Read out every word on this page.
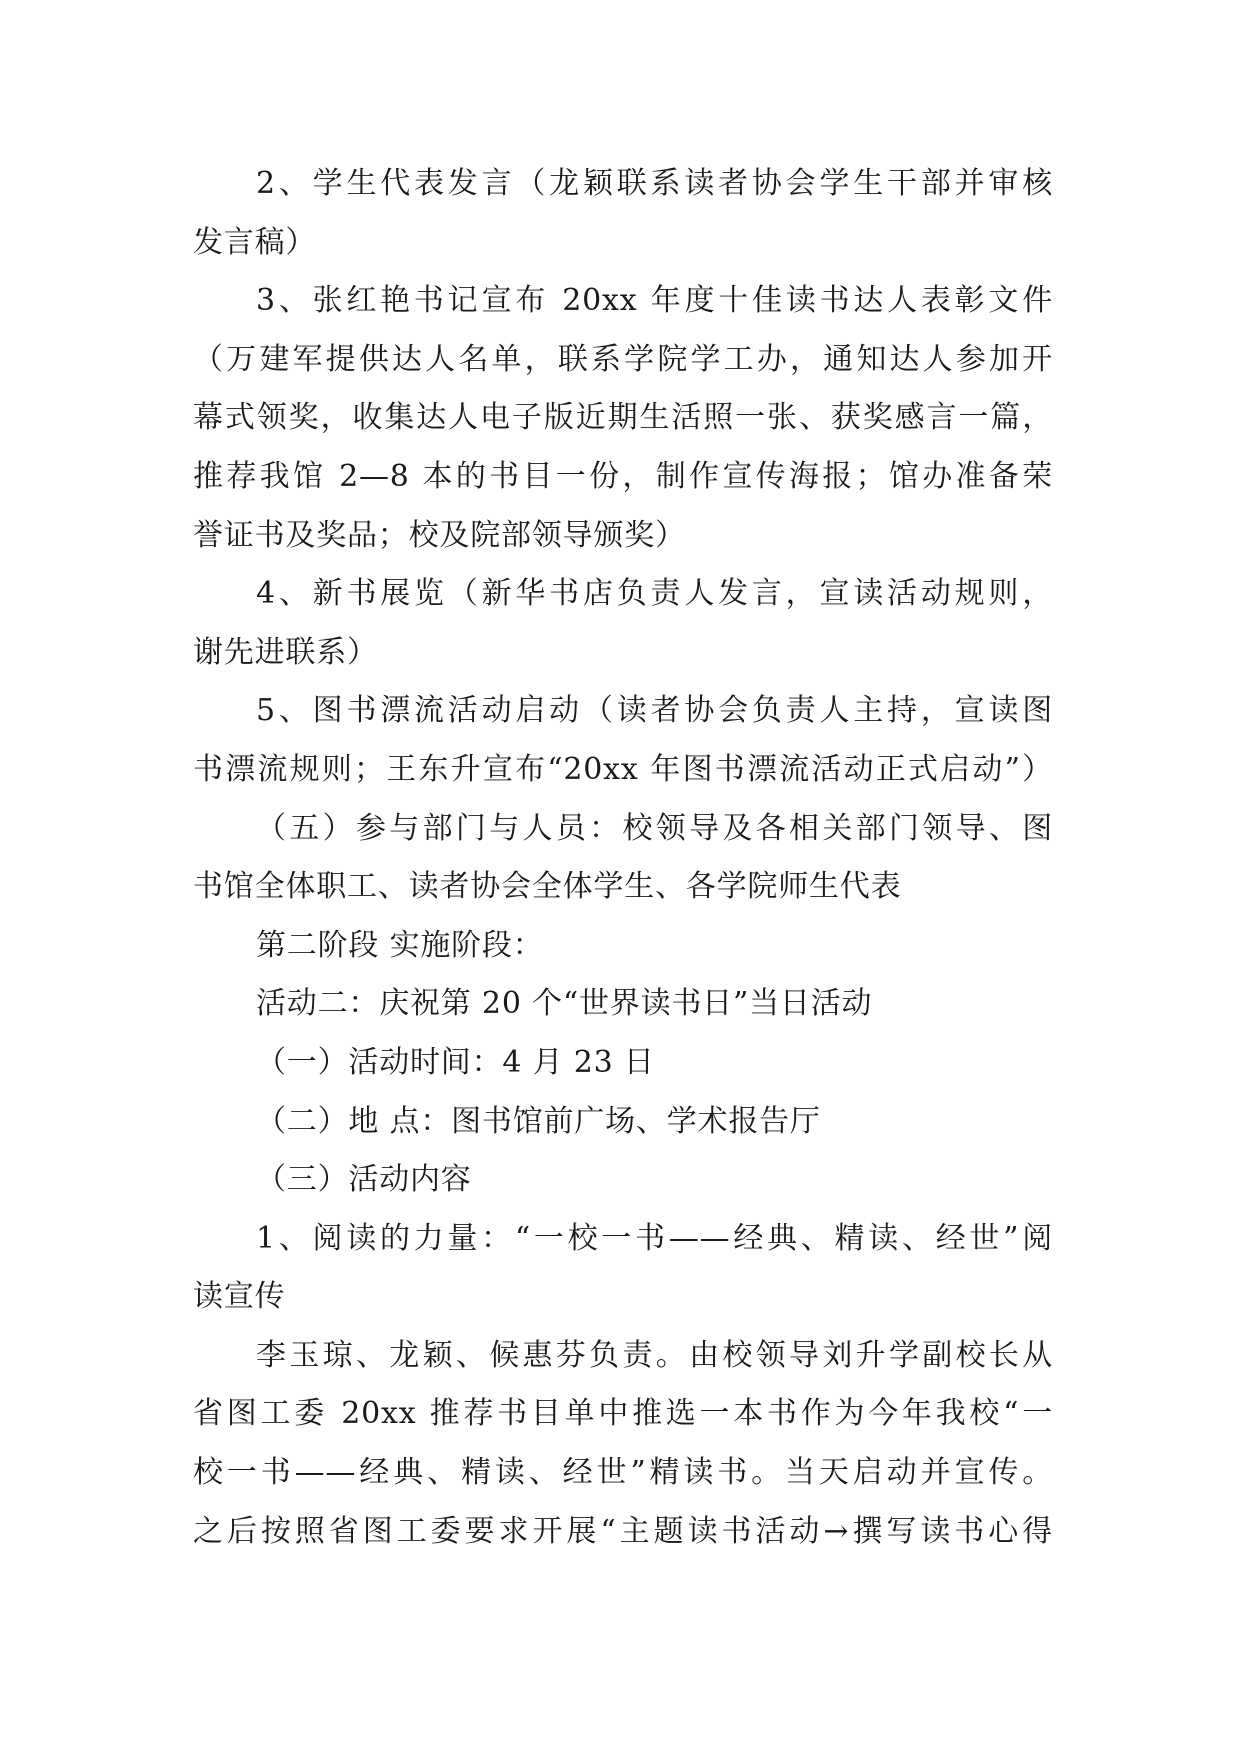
2、学生代表发言（龙颖联系读者协会学生干部并审核
发言稿）
3、张红艳书记宣布 20xx 年度十佳读书达人表彰文件
（万建军提供达人名单，联系学院学工办，通知达人参加开
幕式领奖，收集达人电子版近期生活照一张、获奖感言一篇，
推荐我馆 2—8 本的书目一份，制作宣传海报；馆办准备荣
誉证书及奖品；校及院部领导颁奖）
4、新书展览（新华书店负责人发言，宣读活动规则，
谢先进联系）
5、图书漂流活动启动（读者协会负责人主持，宣读图
书漂流规则；王东升宣布“20xx 年图书漂流活动正式启动”）
（五）参与部门与人员：校领导及各相关部门领导、图
书馆全体职工、读者协会全体学生、各学院师生代表
第二阶段 实施阶段：
活动二：庆祝第 20 个“世界读书日”当日活动
（一）活动时间：4 月 23 日
（二）地 点：图书馆前广场、学术报告厅
（三）活动内容
1、阅读的力量：“一校一书——经典、精读、经世”阅
读宣传
李玉琼、龙颖、候惠芬负责。由校领导刘升学副校长从
省图工委 20xx 推荐书目单中推选一本书作为今年我校“一
校一书——经典、精读、经世”精读书。当天启动并宣传。
之后按照省图工委要求开展“主题读书活动→撰写读书心得
